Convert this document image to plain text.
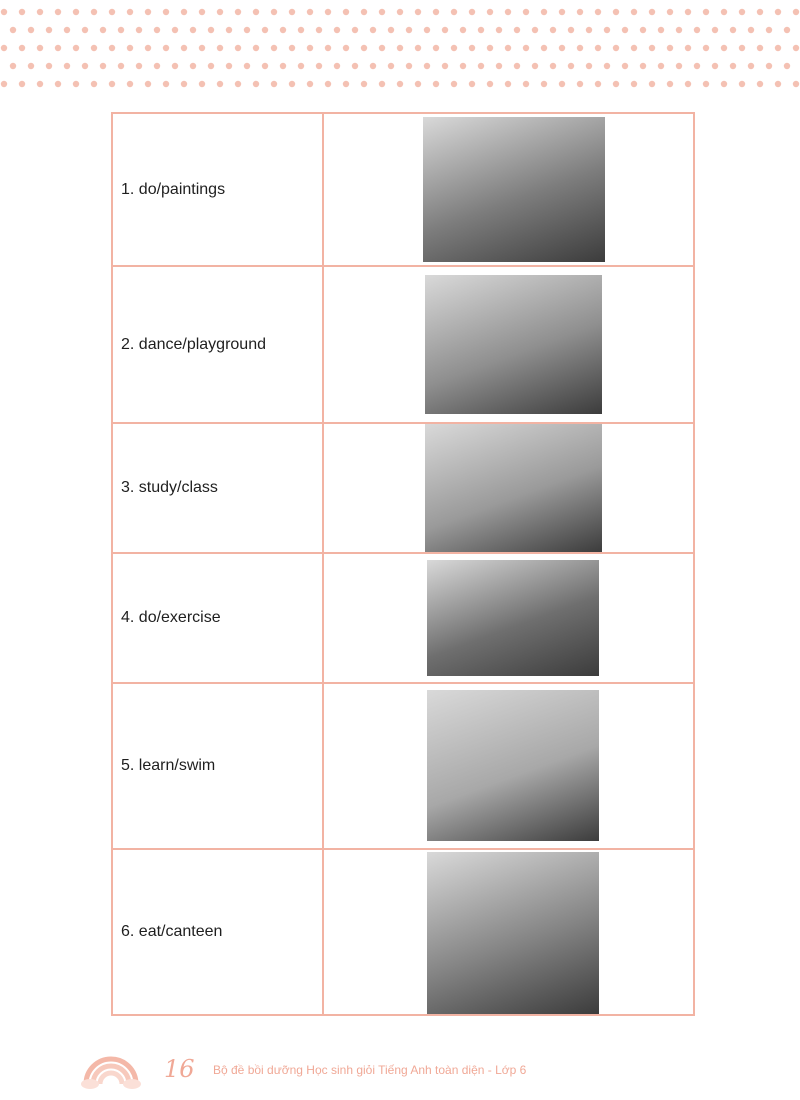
1. do/paintings	

2. dance/playground	

3. study/class	

4. do/exercise	

5. learn/swim	

6. eat/canteen	
16 Bộ đề bồi dưỡng Học sinh giỏi Tiếng Anh toàn diện - Lớp 6
